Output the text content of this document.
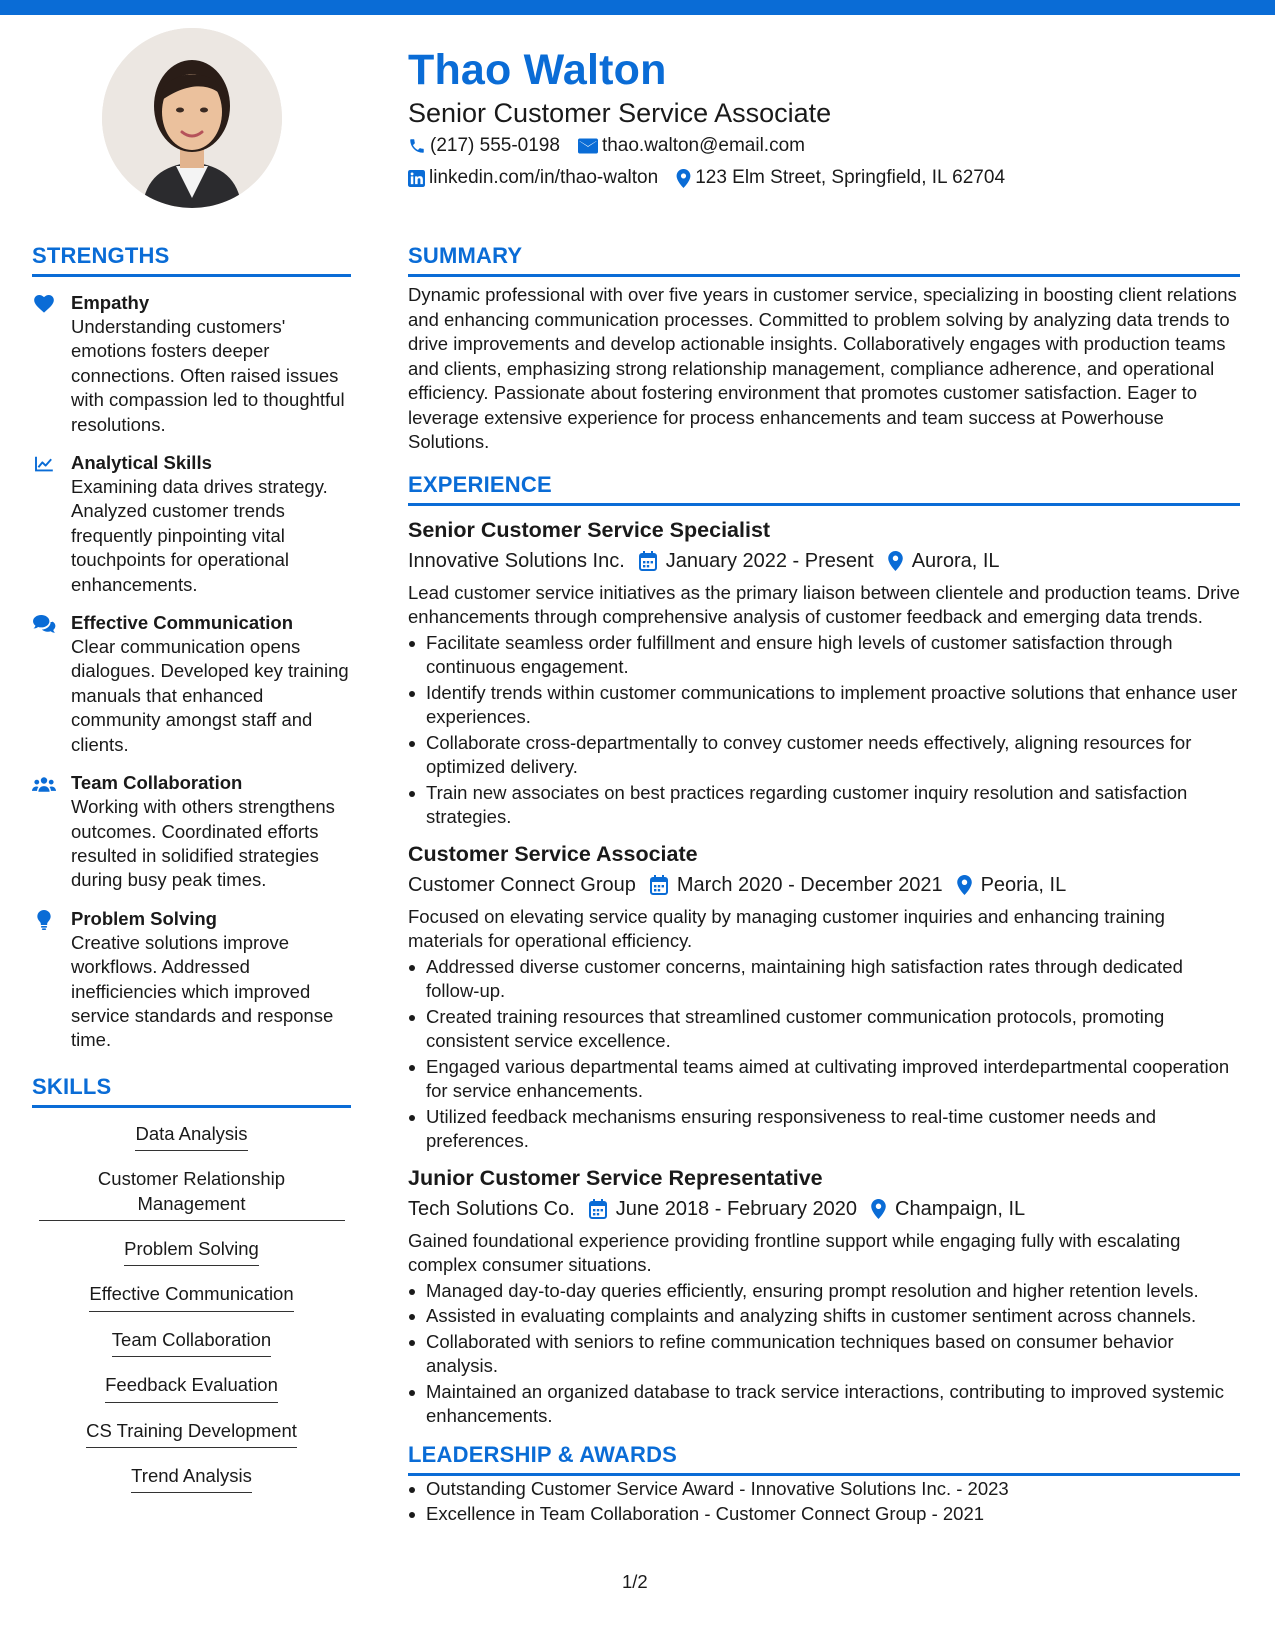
Thao Walton
Senior Customer Service Associate
(217) 555-0198 thao.walton@email.com
linkedin.com/in/thao-walton 123 Elm Street, Springfield, IL 62704
STRENGTHS
Empathy
Understanding customers' emotions fosters deeper connections. Often raised issues with compassion led to thoughtful resolutions.
Analytical Skills
Examining data drives strategy. Analyzed customer trends frequently pinpointing vital touchpoints for operational enhancements.
Effective Communication
Clear communication opens dialogues. Developed key training manuals that enhanced community amongst staff and clients.
Team Collaboration
Working with others strengthens outcomes. Coordinated efforts resulted in solidified strategies during busy peak times.
Problem Solving
Creative solutions improve workflows. Addressed inefficiencies which improved service standards and response time.
SKILLS
Data Analysis
Customer Relationship Management
Problem Solving
Effective Communication
Team Collaboration
Feedback Evaluation
CS Training Development
Trend Analysis
SUMMARY
Dynamic professional with over five years in customer service, specializing in boosting client relations and enhancing communication processes. Committed to problem solving by analyzing data trends to drive improvements and develop actionable insights. Collaboratively engages with production teams and clients, emphasizing strong relationship management, compliance adherence, and operational efficiency. Passionate about fostering environment that promotes customer satisfaction. Eager to leverage extensive experience for process enhancements and team success at Powerhouse Solutions.
EXPERIENCE
Senior Customer Service Specialist
Innovative Solutions Inc. January 2022 - Present Aurora, IL
Lead customer service initiatives as the primary liaison between clientele and production teams. Drive enhancements through comprehensive analysis of customer feedback and emerging data trends.
Facilitate seamless order fulfillment and ensure high levels of customer satisfaction through continuous engagement.
Identify trends within customer communications to implement proactive solutions that enhance user experiences.
Collaborate cross-departmentally to convey customer needs effectively, aligning resources for optimized delivery.
Train new associates on best practices regarding customer inquiry resolution and satisfaction strategies.
Customer Service Associate
Customer Connect Group March 2020 - December 2021 Peoria, IL
Focused on elevating service quality by managing customer inquiries and enhancing training materials for operational efficiency.
Addressed diverse customer concerns, maintaining high satisfaction rates through dedicated follow-up.
Created training resources that streamlined customer communication protocols, promoting consistent service excellence.
Engaged various departmental teams aimed at cultivating improved interdepartmental cooperation for service enhancements.
Utilized feedback mechanisms ensuring responsiveness to real-time customer needs and preferences.
Junior Customer Service Representative
Tech Solutions Co. June 2018 - February 2020 Champaign, IL
Gained foundational experience providing frontline support while engaging fully with escalating complex consumer situations.
Managed day-to-day queries efficiently, ensuring prompt resolution and higher retention levels.
Assisted in evaluating complaints and analyzing shifts in customer sentiment across channels.
Collaborated with seniors to refine communication techniques based on consumer behavior analysis.
Maintained an organized database to track service interactions, contributing to improved systemic enhancements.
LEADERSHIP & AWARDS
Outstanding Customer Service Award - Innovative Solutions Inc. - 2023
Excellence in Team Collaboration - Customer Connect Group - 2021
1/2
